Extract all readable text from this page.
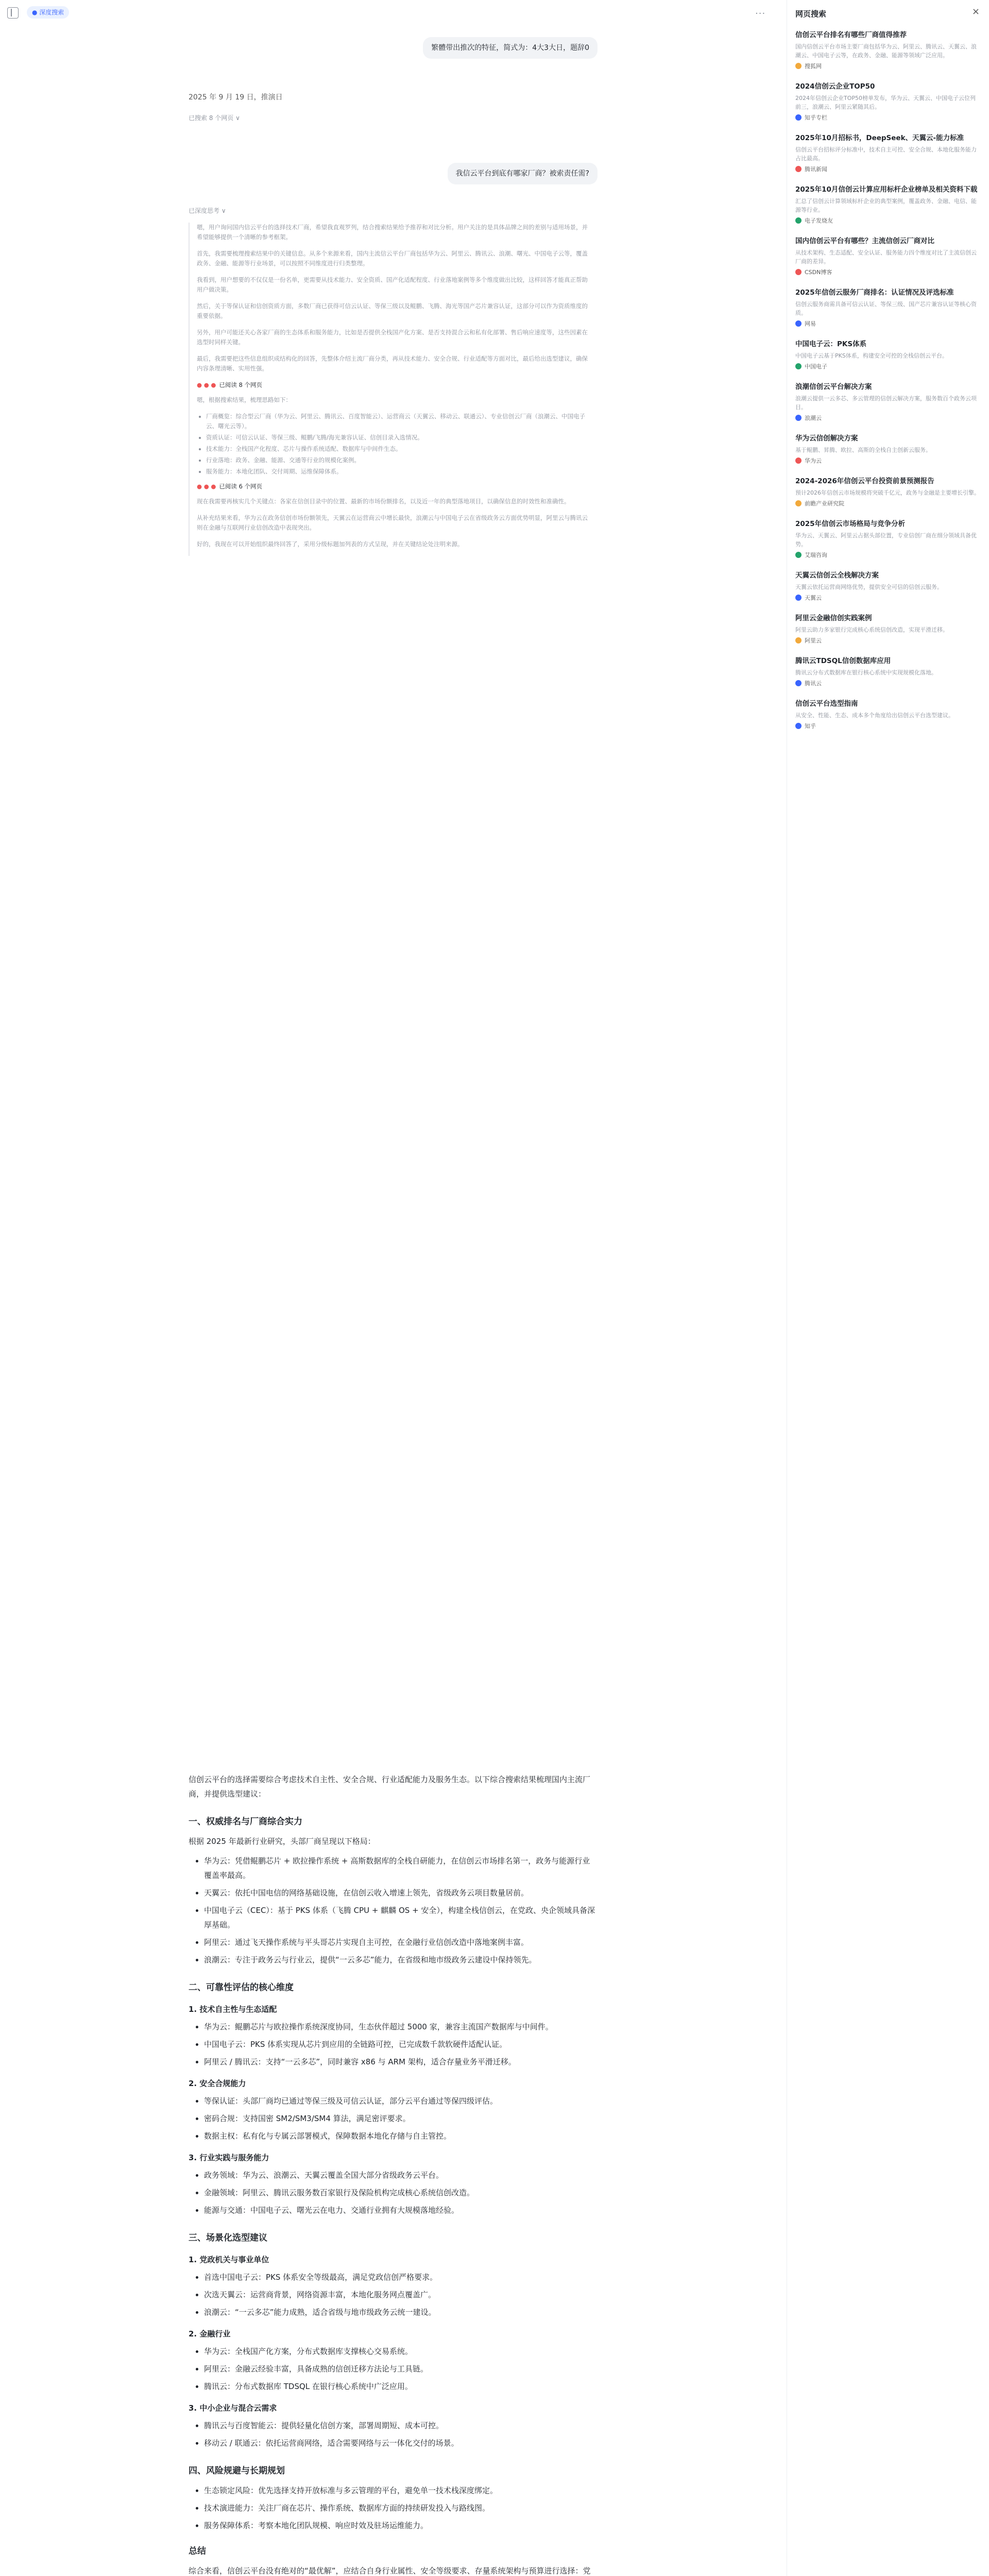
● 深度搜索	···
繁體带出推次的特征，简式为：4大3大日，题辞0
2025 年 9 月 19 日，推演日
已搜索 8 个网页 ∨
我信云平台到底有哪家厂商？被索责任需?
已深度思考 ∨

嗯，用户询问国内信云平台的选择技术厂商，希望我直观罗列，结合搜索结果给予推荐和对比分析。用户关注的是具体品牌之间的差别与适用场景，并希望能够提供一个清晰的参考框架。

首先，我需要梳理搜索结果中的关键信息。从多个来源来看，国内主流信云平台厂商包括华为云、阿里云、腾讯云、浪潮、曙光、中国电子云等，覆盖政务、金融、能源等行业场景，可以按照不同维度进行归类整理。

我看到，用户想要的不仅仅是一份名单，更需要从技术能力、安全资质、国产化适配程度、行业落地案例等多个维度做出比较，这样回答才能真正帮助用户做决策。

然后，关于等保认证和信创资质方面，多数厂商已获得可信云认证、等保三级以及鲲鹏、飞腾、海光等国产芯片兼容认证，这部分可以作为资质维度的重要依据。

另外，用户可能还关心各家厂商的生态体系和服务能力，比如是否提供全栈国产化方案、是否支持混合云和私有化部署、售后响应速度等，这些因素在选型时同样关键。

最后，我需要把这些信息组织成结构化的回答，先整体介绍主流厂商分类，再从技术能力、安全合规、行业适配等方面对比，最后给出选型建议，确保内容条理清晰、实用性强。

● ● ● 已阅读 8 个网页

嗯，根据搜索结果，梳理思路如下：

• 厂商概览：综合型云厂商（华为云、阿里云、腾讯云、百度智能云）、运营商云（天翼云、移动云、联通云）、专业信创云厂商（浪潮云、中国电子云、曙光云等）。
• 资质认证：可信云认证、等保三级、鲲鹏/飞腾/海光兼容认证、信创目录入选情况。
• 技术能力：全栈国产化程度、芯片与操作系统适配、数据库与中间件生态。
• 行业落地：政务、金融、能源、交通等行业的规模化案例。
• 服务能力：本地化团队、交付周期、运维保障体系。
● ● ● 已阅读 6 个网页

现在我需要再核实几个关键点：各家在信创目录中的位置、最新的市场份额排名，以及近一年的典型落地项目，以确保信息的时效性和准确性。

从补充结果来看，华为云在政务信创市场份额领先，天翼云在运营商云中增长最快，浪潮云与中国电子云在省级政务云方面优势明显，阿里云与腾讯云则在金融与互联网行业信创改造中表现突出。

好的，我现在可以开始组织最终回答了，采用分级标题加列表的方式呈现，并在关键结论处注明来源。

信创云平台的选择需要综合考虑技术自主性、安全合规、行业适配能力及服务生态。以下综合搜索结果梳理国内主流厂商，并提供选型建议：

一、权威排名与厂商综合实力

根据 2025 年最新行业研究，头部厂商呈现以下格局：

• 华为云：凭借鲲鹏芯片 + 欧拉操作系统 + 高斯数据库的全栈自研能力，在信创云市场排名第一，政务与能源行业覆盖率最高。
• 天翼云：依托中国电信的网络基础设施，在信创云收入增速上领先，省级政务云项目数量居前。
• 中国电子云（CEC）：基于 PKS 体系（飞腾 CPU + 麒麟 OS + 安全），构建全栈信创云，在党政、央企领域具备深厚基础。
• 阿里云：通过飞天操作系统与平头哥芯片实现自主可控，在金融行业信创改造中落地案例丰富。
• 浪潮云：专注于政务云与行业云，提供“一云多芯”能力，在省级和地市级政务云建设中保持领先。
二、可靠性评估的核心维度
1. 技术自主性与生态适配
• 华为云：鲲鹏芯片与欧拉操作系统深度协同，生态伙伴超过 5000 家，兼容主流国产数据库与中间件。
• 中国电子云：PKS 体系实现从芯片到应用的全链路可控，已完成数千款软硬件适配认证。
• 阿里云 / 腾讯云：支持“一云多芯”，同时兼容 x86 与 ARM 架构，适合存量业务平滑迁移。
2. 安全合规能力
• 等保认证：头部厂商均已通过等保三级及可信云认证，部分云平台通过等保四级评估。
• 密码合规：支持国密 SM2/SM3/SM4 算法，满足密评要求。
• 数据主权：私有化与专属云部署模式，保障数据本地化存储与自主管控。
3. 行业实践与服务能力
• 政务领域：华为云、浪潮云、天翼云覆盖全国大部分省级政务云平台。
• 金融领域：阿里云、腾讯云服务数百家银行及保险机构完成核心系统信创改造。
• 能源与交通：中国电子云、曙光云在电力、交通行业拥有大规模落地经验。
三、场景化选型建议
1. 党政机关与事业单位
• 首选中国电子云：PKS 体系安全等级最高，满足党政信创严格要求。
• 次选天翼云：运营商背景，网络资源丰富，本地化服务网点覆盖广。
• 浪潮云：“一云多芯”能力成熟，适合省级与地市级政务云统一建设。
2. 金融行业
• 华为云：全栈国产化方案，分布式数据库支撑核心交易系统。
• 阿里云：金融云经验丰富，具备成熟的信创迁移方法论与工具链。
• 腾讯云：分布式数据库 TDSQL 在银行核心系统中广泛应用。
3. 中小企业与混合云需求
• 腾讯云与百度智能云：提供轻量化信创方案，部署周期短、成本可控。
• 移动云 / 联通云：依托运营商网络，适合需要网络与云一体化交付的场景。
四、风险规避与长期规划
• 生态锁定风险：优先选择支持开放标准与多云管理的平台，避免单一技术栈深度绑定。
• 技术演进能力：关注厂商在芯片、操作系统、数据库方面的持续研发投入与路线图。
• 服务保障体系：考察本地化团队规模、响应时效及驻场运维能力。
总结

综合来看，信创云平台没有绝对的“最优解”，应结合自身行业属性、安全等级要求、存量系统架构与预算进行选择：党

网页搜索	×
信创云平台排名有哪些厂商值得推荐
国内信创云平台市场主要厂商包括华为云、阿里云、腾讯云、天翼云、浪潮云、中国电子云等，在政务、金融、能源等领域广泛应用。
搜狐网
2024信创云企业TOP50
2024年信创云企业TOP50榜单发布，华为云、天翼云、中国电子云位列前三，浪潮云、阿里云紧随其后。
知乎专栏
2025年10月招标书，DeepSeek、天翼云-能力标准
信创云平台招标评分标准中，技术自主可控、安全合规、本地化服务能力占比最高。
腾讯新闻
2025年10月信创云计算应用标杆企业榜单及相关资料下载
汇总了信创云计算领域标杆企业的典型案例，覆盖政务、金融、电信、能源等行业。
电子发烧友
国内信创云平台有哪些？主流信创云厂商对比
从技术架构、生态适配、安全认证、服务能力四个维度对比了主流信创云厂商的差异。
CSDN博客
2025年信创云服务厂商排名：认证情况及评选标准
信创云服务商需具备可信云认证、等保三级、国产芯片兼容认证等核心资质。
网易
中国电子云：PKS体系
中国电子云基于PKS体系，构建安全可控的全栈信创云平台。
中国电子
浪潮信创云平台解决方案
浪潮云提供一云多芯、多云管理的信创云解决方案，服务数百个政务云项目。
浪潮云
华为云信创解决方案
基于鲲鹏、昇腾、欧拉、高斯的全栈自主创新云服务。
华为云
2024-2026年信创云平台投资前景预测报告
预计2026年信创云市场规模将突破千亿元，政务与金融是主要增长引擎。
前瞻产业研究院
2025年信创云市场格局与竞争分析
华为云、天翼云、阿里云占据头部位置，专业信创厂商在细分领域具备优势。
艾瑞咨询
天翼云信创云全栈解决方案
天翼云依托运营商网络优势，提供安全可信的信创云服务。
天翼云
阿里云金融信创实践案例
阿里云助力多家银行完成核心系统信创改造，实现平滑迁移。
阿里云
腾讯云TDSQL信创数据库应用
腾讯云分布式数据库在银行核心系统中实现规模化落地。
腾讯云
信创云平台选型指南
从安全、性能、生态、成本多个角度给出信创云平台选型建议。
知乎
